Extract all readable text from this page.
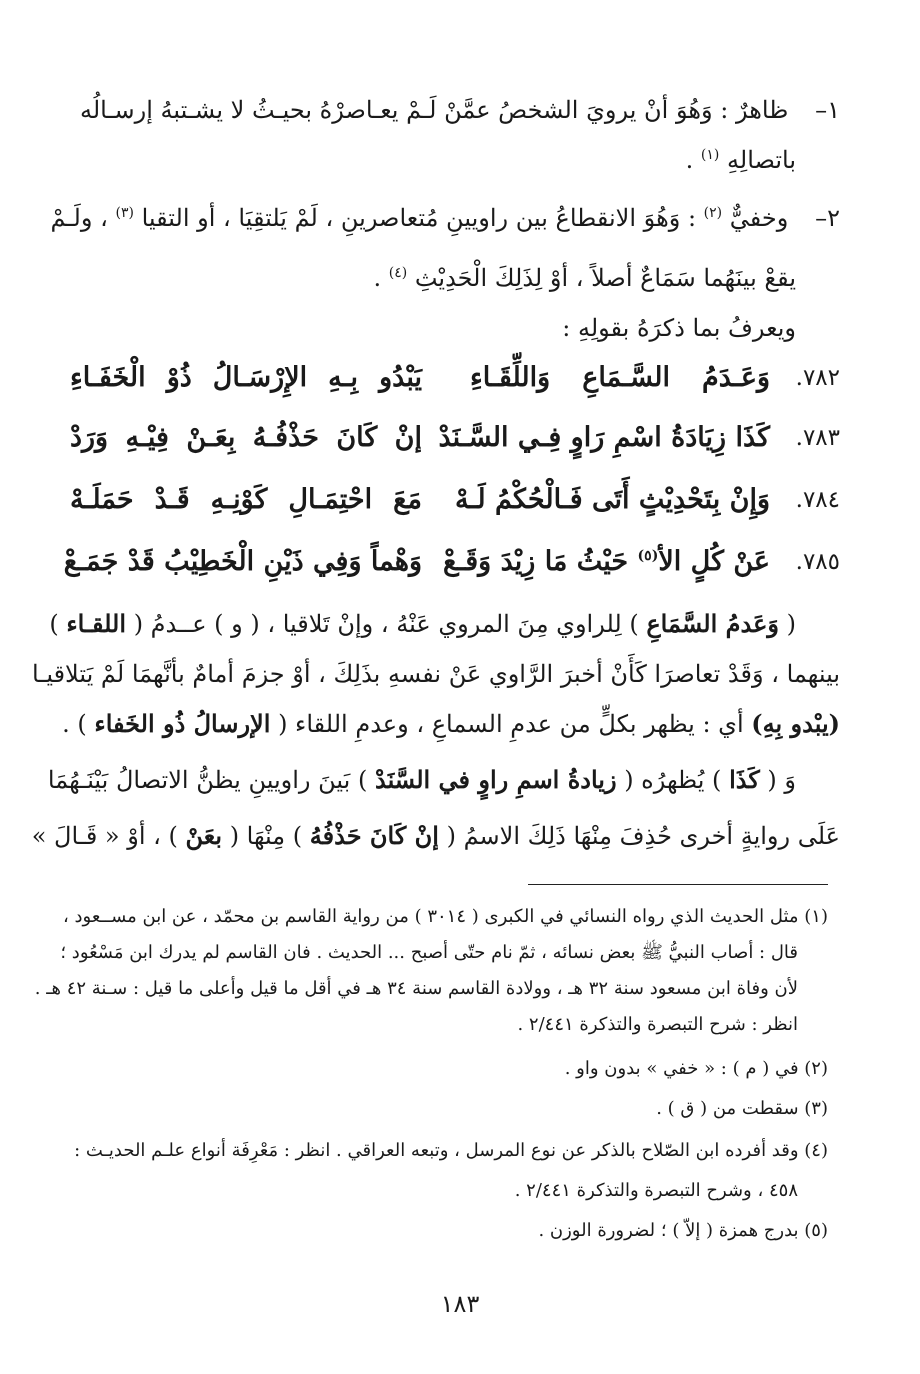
١– ظاهرٌ : وَهُوَ أنْ يرويَ الشخصُ عمَّنْ لَـمْ يعـاصرْهُ بحيـثُ لا يشـتبهُ إرسـالُه
باتصالِهِ $^{(١)}$ .
٢– وخفيٌّ $^{(٢)}$ : وَهُوَ الانقطاعُ بين راويينِ مُتعاصرينِ ، لَمْ يَلتقِيَا ، أو التقيا $^{(٣)}$ ، ولَـمْ
يقعْ بينَهُما سَمَاعٌ أصلاً ، أوْ لِذَلِكَ الْحَدِيْثِ $^{(٤)}$ .
ويعرفُ بما ذكرَهُ بقولِهِ :
٧٨٢.
وَعَـدَمُ السَّـمَاعِ وَاللِّقَـاءِ
يَبْدُو بِـهِ الإِرْسَـالُ ذُوْ الْخَفَـاءِ
٧٨٣.
كَذَا زِيَادَةُ اسْمِ رَاوٍ فِـي السَّـنَدْ
إنْ كَانَ حَذْفُـهُ بِعَـنْ فِيْـهِ وَرَدْ
٧٨٤.
وَإِنْ بِتَحْدِيْثٍ أَتَى فَـالْحُكْمُ لَـهْ
مَعَ احْتِمَـالِ كَوْنِـهِ قَـدْ حَمَلَـهْ
٧٨٥.
عَنْ كُلٍ الأ$^{(٥)}$ حَيْثُ مَا زِيْدَ وَقَـعْ
وَهْماً وَفِي ذَيْنِ الْخَطِيْبُ قَدْ جَمَـعْ
( وَعَدمُ السَّمَاعِ ) لِلراوي مِنَ المروي عَنْهُ ، وإنْ تَلاقيا ، ( و ) عــدمُ ( اللقـاء )
بينهما ، وَقَدْ تعاصرَا كَأَنْ أخبرَ الرَّاوي عَنْ نفسهِ بذَلِكَ ، أوْ جزمَ أمامٌ بأنَّهمَا لَمْ يَتلاقيـا
(يبْدو بِهِ) أي : يظهر بكلٍّ من عدمِ السماعِ ، وعدمِ اللقاء ( الإرسالُ ذُو الخَفاء ) .
وَ ( كَذَا ) يُظهرُه ( زيادةُ اسمِ راوٍ في السَّنَدْ ) بَينَ راويينِ يظنُّ الاتصالُ بَيْنَـهُمَا
عَلَى روايةٍ أخرى حُذِفَ مِنْهَا ذَلِكَ الاسمُ ( إنْ كَانَ حَذْفُهُ ) مِنْهَا ( بعَنْ ) ، أوْ « قَـالَ »
(١) مثل الحديث الذي رواه النسائي في الكبرى ( ٣٠١٤ ) من رواية القاسم بن محمّد ، عن ابن مســعود ،
قال : أصاب النبيُّ ﷺ بعض نسائه ، ثمّ نام حتّى أصبح ... الحديث . فان القاسم لم يدرك ابن مَسْعُود ؛
لأن وفاة ابن مسعود سنة ٣٢ هـ ، وولادة القاسم سنة ٣٤ هـ في أقل ما قيل وأعلى ما قيل : سـنة ٤٢ هـ .
انظر : شرح التبصرة والتذكرة ٢/٤٤١ .
(٢) في ( م ) : « خفي » بدون واو .
(٣) سقطت من ( ق ) .
(٤) وقد أفرده ابن الصّلاح بالذكر عن نوع المرسل ، وتبعه العراقي . انظر : مَعْرِفَة أنواع علـم الحديـث :
٤٥٨ ، وشرح التبصرة والتذكرة ٢/٤٤١ .
(٥) بدرج همزة ( إلاّ ) ؛ لضرورة الوزن .
١٨٣
